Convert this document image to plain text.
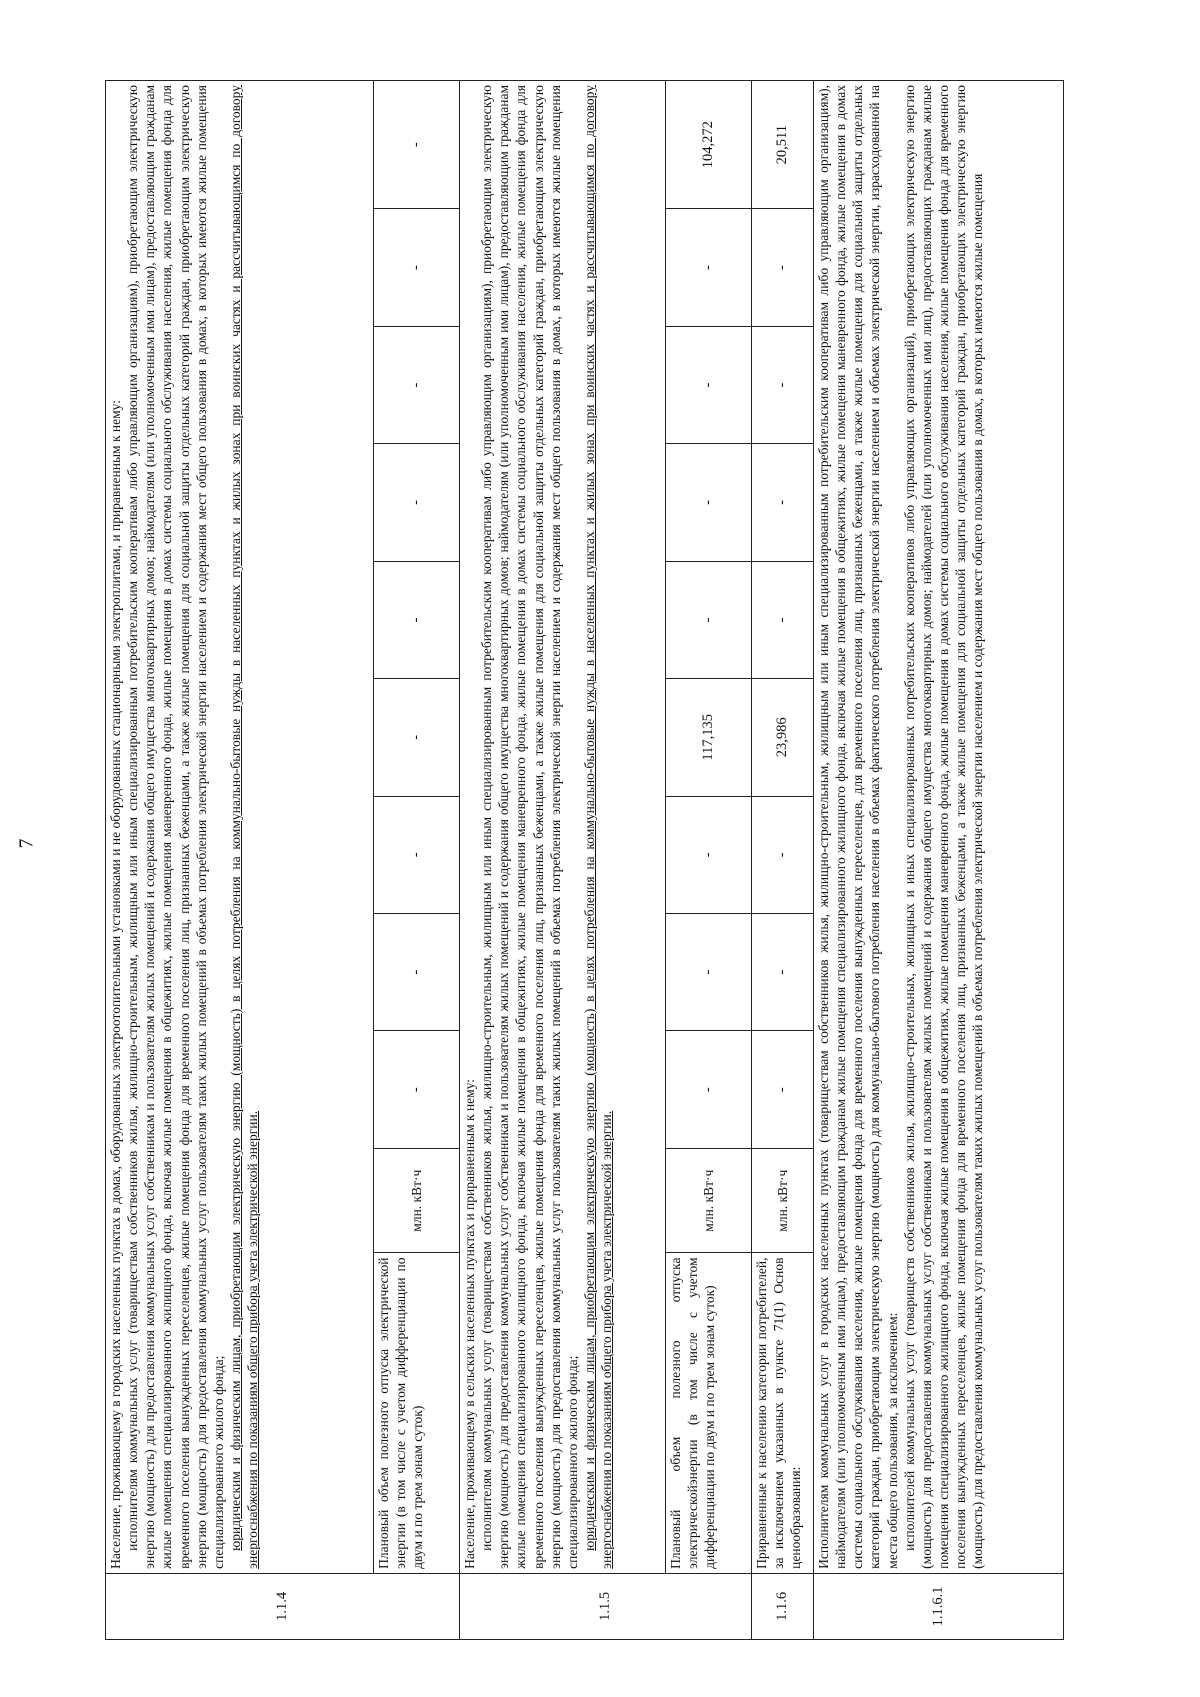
7
1.1.4	Население, проживающему в городских населенных пунктах в домах, оборудованных электроотопительными установками и не оборудованных стационарными электроплитами, и приравненным к нему: исполнителям коммунальных услуг (товариществам собственников жилья, жилищно-строительным, жилищным или иным специализированным потребительским кооперативам либо управляющим организациям), приобретающим электрическую энергию (мощность) для предоставления коммунальных услуг собственникам и пользователям жилых помещений и содержания общего имущества многоквартирных домов; наймодателям (или уполномоченным ими лицам), предоставляющим гражданам жилые помещения специализированного жилищного фонда, включая жилые помещения в общежитиях, жилые помещения маневренного фонда, жилые помещения в домах системы социального обслуживания населения, жилые помещения фонда для временного поселения вынужденных переселенцев, жилые помещения фонда для временного поселения лиц, признанных беженцами, а также жилые помещения для социальной защиты отдельных категорий граждан, приобретающим электрическую энергию (мощность) для предоставления коммунальных услуг пользователям таких жилых помещений в объемах потребления электрической энергии населением и содержания мест общего пользования в домах, в которых имеются жилые помещения специализированного жилого фонда; юридическим и физическим лицам, приобретающим электрическую энергию (мощность) в целях потребления на коммунально-бытовые нужды в населенных пунктах и жилых зонах при воинских частях и рассчитывающимся по договору энергоснабжения по показаниям общего прибора учета электрической энергии.										

	Плановый объем полезного отпуска электрической энергии (в том числе с учетом дифференциации по двум и по трем зонам суток)	млн. кВт·ч	-	-	-	-	-	-	-	-	-
1.1.5	Население, проживающему в сельских населенных пунктах и приравненным к нему: исполнителям коммунальных услуг (товариществам собственников жилья, жилищно-строительным, жилищным или иным специализированным потребительским кооперативам либо управляющим организациям), приобретающим электрическую энергию (мощность) для предоставления коммунальных услуг собственникам и пользователям жилых помещений и содержания общего имущества многоквартирных домов; наймодателям (или уполномоченным ими лицам), предоставляющим гражданам жилые помещения специализированного жилищного фонда, включая жилые помещения в общежитиях, жилые помещения маневренного фонда, жилые помещения в домах системы социального обслуживания населения, жилые помещения фонда для временного поселения вынужденных переселенцев, жилые помещения фонда для временного поселения лиц, признанных беженцами, а также жилые помещения для социальной защиты отдельных категорий граждан, приобретающим электрическую энергию (мощность) для предоставления коммунальных услуг пользователям таких жилых помещений в объемах потребления электрической энергии населением и содержания мест общего пользования в домах, в которых имеются жилые помещения специализированного жилого фонда; юридическим и физическим лицам, приобретающим электрическую энергию (мощность) в целях потребления на коммунально-бытовые нужды в населенных пунктах и жилых зонах при воинских частях и рассчитывающимся по договору энергоснабжения по показаниям общего прибора учета электрической энергии.										

	Плановый объем полезного отпуска электрическойэнергии (в том числе с учетом дифференциации по двум и по трем зонам суток)	млн. кВт·ч	-	-	-	117,135	-	-	-	-	104,272
1.1.6	Приравненные к населению категории потребителей, за исключением указанных в пункте 71(1) Основ ценообразования:	млн. кВт·ч	-	-	-	23,986	-	-	-	-	20,511
1.1.6.1	Исполнителям коммунальных услуг в городских населенных пунктах (товариществам собственников жилья, жилищно-строительным, жилищным или иным специализированным потребительским кооперативам либо управляющим организациям), наймодателям (или уполномоченным ими лицам), предоставляющим гражданам жилые помещения специализированного жилищного фонда, включая жилые помещения в общежитиях, жилые помещения маневренного фонда, жилые помещения в домах системы социального обслуживания населения, жилые помещения фонда для временного поселения вынужденных переселенцев, для временного поселения лиц, признанных беженцами, а также жилые помещения для социальной защиты отдельных категорий граждан, приобретающим электрическую энергию (мощность) для коммунально-бытового потребления населения в объемах фактического потребления электрической энергии населением и объемах электрической энергии, израсходованной на места общего пользования, за исключением: исполнителей коммунальных услуг (товариществ собственников жилья, жилищно-строительных, жилищных и иных специализированных потребительских кооперативов либо управляющих организаций), приобретающих электрическую энергию (мощность) для предоставления коммунальных услуг собственникам и пользователям жилых помещений и содержания общего имущества многоквартирных домов; наймодателей (или уполномоченных ими лиц), предоставляющих гражданам жилые помещения специализированного жилищного фонда, включая жилые помещения в общежитиях, жилые помещения маневренного фонда, жилые помещения в домах системы социального обслуживания населения, жилые помещения фонда для временного поселения вынужденных переселенцев, жилые помещения фонда для временного поселения лиц, признанных беженцами, а также жилые помещения для социальной защиты отдельных категорий граждан, приобретающих электрическую энергию (мощность) для предоставления коммунальных услуг пользователям таких жилых помещений в объемах потребления электрической энергии населением и содержания мест общего пользования в домах, в которых имеются жилые помещения										
